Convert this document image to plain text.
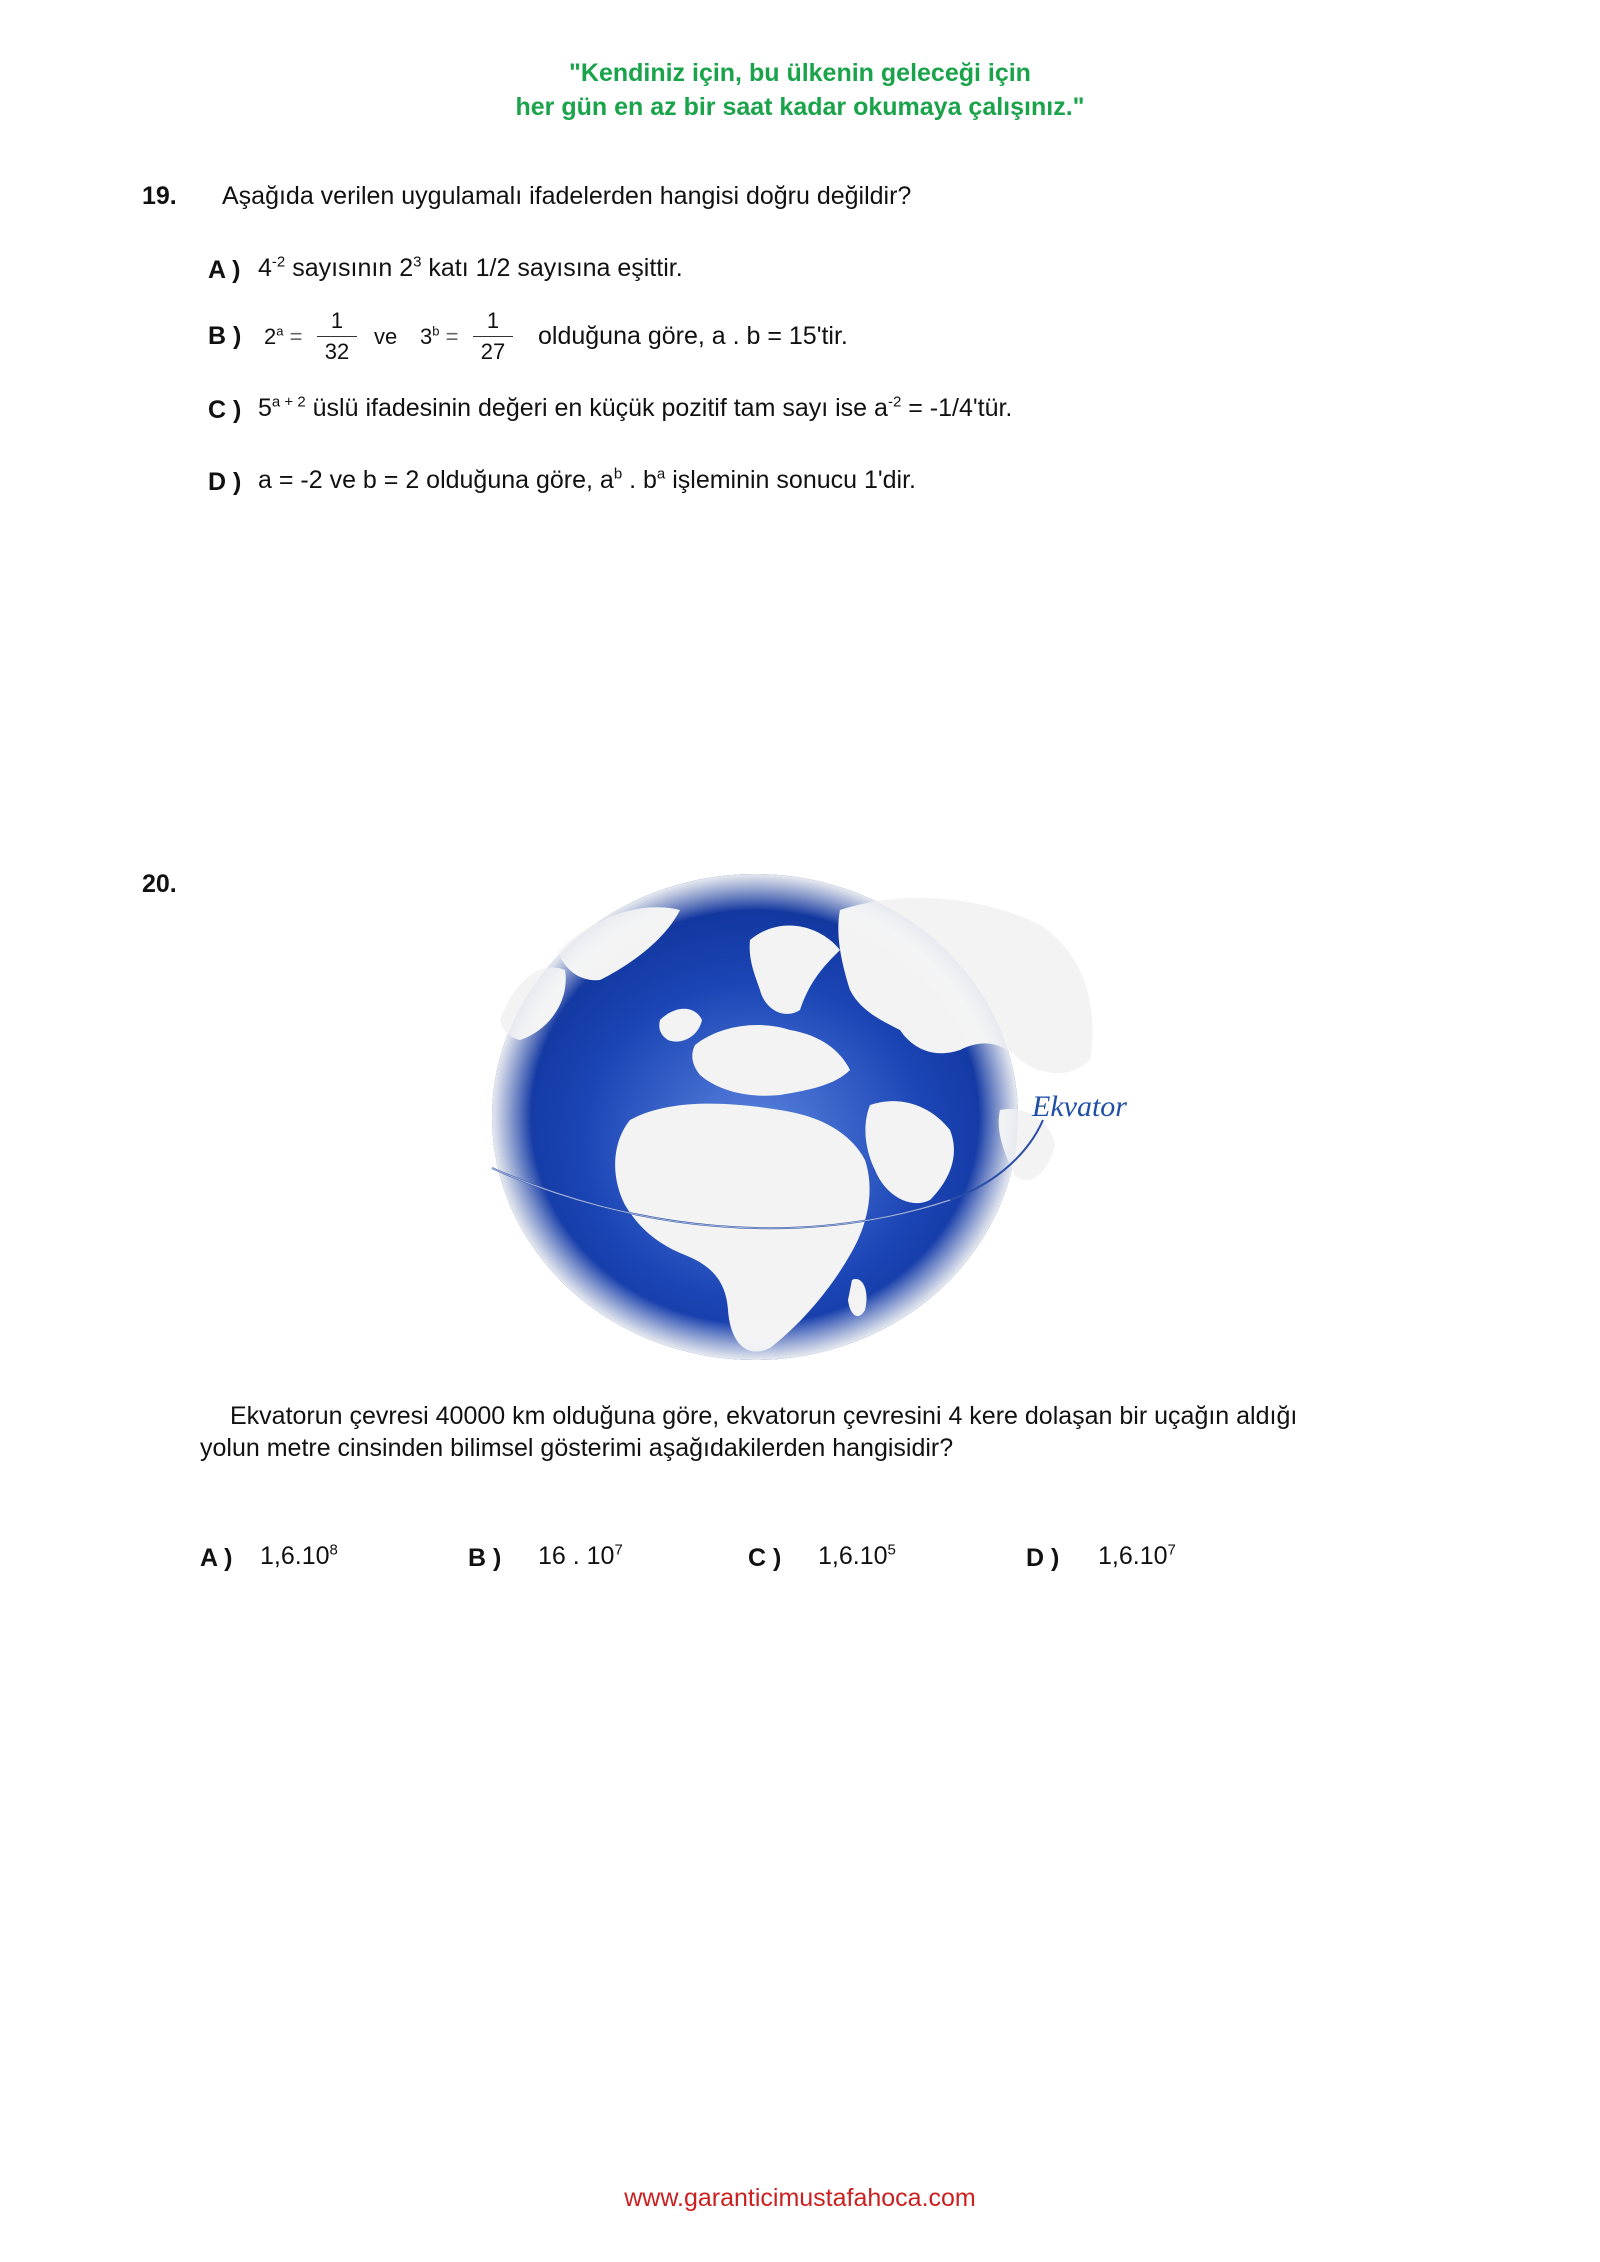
"Kendiniz için, bu ülkenin geleceği için
her gün en az bir saat kadar okumaya çalışınız."
19. Aşağıda verilen uygulamalı ifadelerden hangisi doğru değildir?
A ) $4^{-2}$ sayısının $2^3$ katı 1/2 sayısına eşittir.
B ) $2^a$ =
1
32
ve $3^b$ =
1
27
olduğuna göre, a . b = 15'tir.
C ) $5^{a + 2}$ üslü ifadesinin değeri en küçük pozitif tam sayı ise $a^{-2}$ = -1/4'tür.
D ) a = -2 ve b = 2 olduğuna göre, $a^b$ . $b^a$ işleminin sonucu 1'dir.
20.
Ekvator
Ekvatorun çevresi 40000 km olduğuna göre, ekvatorun çevresini 4 kere dolaşan bir uçağın aldığı
yolun metre cinsinden bilimsel gösterimi aşağıdakilerden hangisidir?
A ) 1,6.10$^8$	B ) 16 . $10^7$	C ) 1,6.10$^5$	D ) 1,6.10$^7$
www.garanticimustafahoca.com
